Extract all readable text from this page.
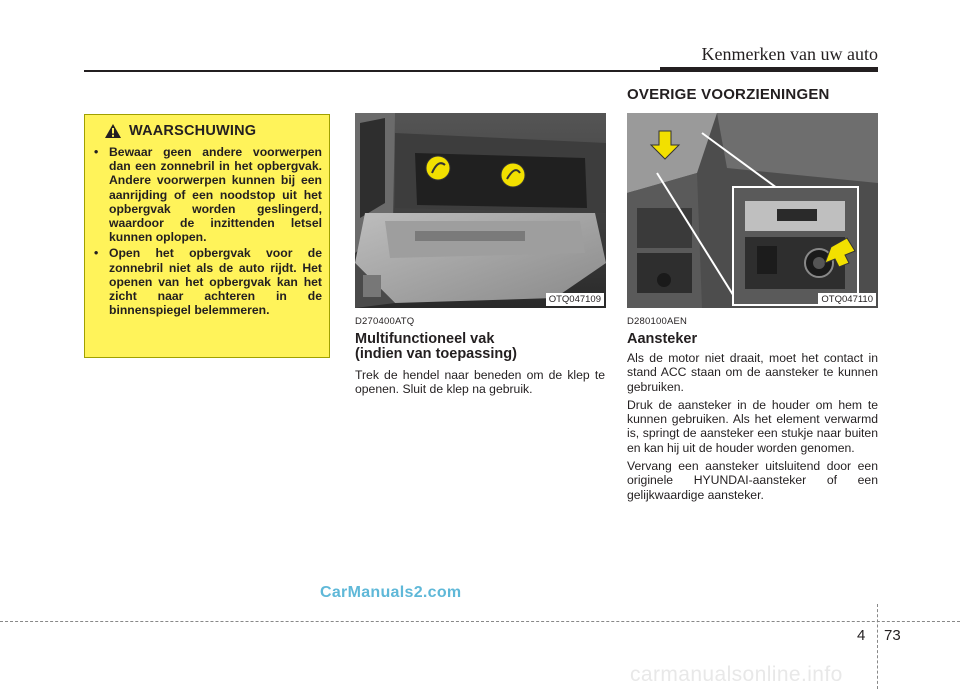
Kenmerken van uw auto
WAARSCHUWING
• Bewaar geen andere voorwerpen dan een zonnebril in het opbergvak. Andere voorwerpen kunnen bij een aanrijding of een noodstop uit het opbergvak worden geslingerd, waardoor de inzittenden letsel kunnen oplopen.
• Open het opbergvak voor de zonnebril niet als de auto rijdt. Het openen van het opbergvak kan het zicht naar achteren in de binnenspiegel belemmeren.
OTQ047109
D270400ATQ
Multifunctioneel vak
(indien van toepassing)

Trek de hendel naar beneden om de klep te openen. Sluit de klep na gebruik.

OVERIGE VOORZIENINGEN
OTQ047110
D280100AEN
Aansteker

Als de motor niet draait, moet het contact in stand ACC staan om de aansteker te kunnen gebruiken.

Druk de aansteker in de houder om hem te kunnen gebruiken. Als het element verwarmd is, springt de aansteker een stukje naar buiten en kan hij uit de houder worden genomen.

Vervang een aansteker uitsluitend door een originele HYUNDAI-aansteker of een gelijkwaardige aansteker.

CarManuals2.com
4 73
carmanualsonline.info
